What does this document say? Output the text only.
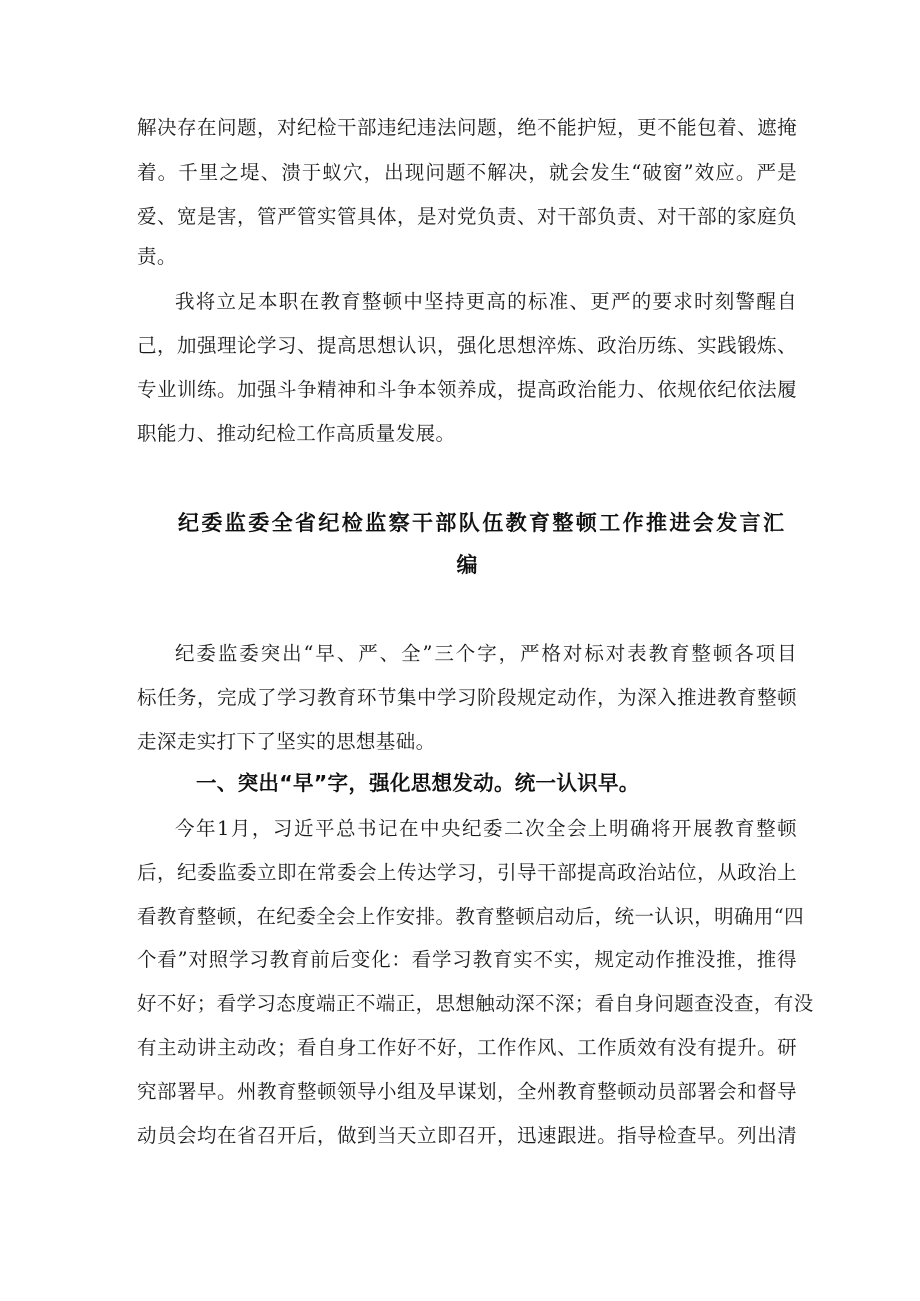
解决存在问题，对纪检干部违纪违法问题，绝不能护短，更不能包着、遮掩
着。千里之堤、溃于蚁穴，出现问题不解决，就会发生“破窗”效应。严是
爱、宽是害，管严管实管具体，是对党负责、对干部负责、对干部的家庭负
责。
我将立足本职在教育整顿中坚持更高的标准、更严的要求时刻警醒自
己，加强理论学习、提高思想认识，强化思想淬炼、政治历练、实践锻炼、
专业训练。加强斗争精神和斗争本领养成，提高政治能力、依规依纪依法履
职能力、推动纪检工作高质量发展。
纪委监委全省纪检监察干部队伍教育整顿工作推进会发言汇
编
纪委监委突出“早、严、全”三个字，严格对标对表教育整顿各项目
标任务，完成了学习教育环节集中学习阶段规定动作，为深入推进教育整顿
走深走实打下了坚实的思想基础。
一、突出“早”字，强化思想发动。统一认识早。
今年1月，习近平总书记在中央纪委二次全会上明确将开展教育整顿
后，纪委监委立即在常委会上传达学习，引导干部提高政治站位，从政治上
看教育整顿，在纪委全会上作安排。教育整顿启动后，统一认识，明确用“四
个看”对照学习教育前后变化：看学习教育实不实，规定动作推没推，推得
好不好；看学习态度端正不端正，思想触动深不深；看自身问题查没查，有没
有主动讲主动改；看自身工作好不好，工作作风、工作质效有没有提升。研
究部署早。州教育整顿领导小组及早谋划，全州教育整顿动员部署会和督导
动员会均在省召开后，做到当天立即召开，迅速跟进。指导检查早。列出清
